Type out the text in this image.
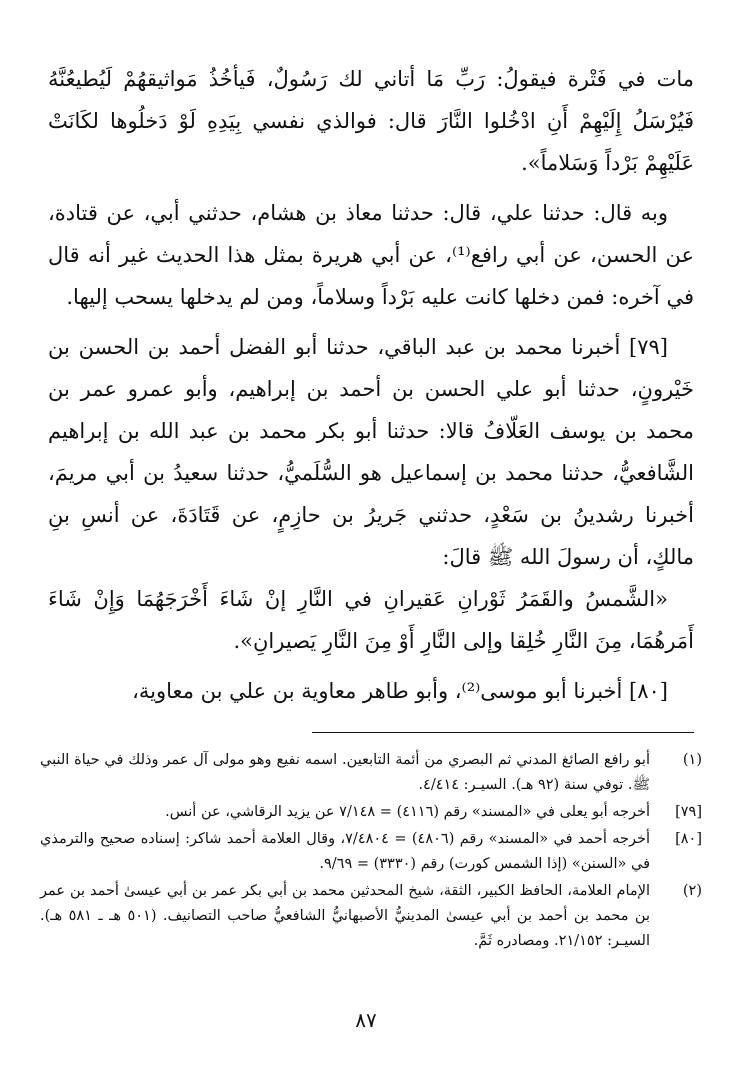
مات في فَتْرة فيقولُ: رَبِّ مَا أتاني لك رَسُولٌ، فَيأخُذُ مَواثيقهُمْ لَيُطيعُنَّهُ فَيُرْسَلُ إِلَيْهِمْ أَنِ ادْخُلوا النَّارَ قال: فوالذي نفسي بِيَدِهِ لَوْ دَخلُوها لكَانَتْ عَلَيْهِمْ بَرْداً وَسَلاماً».

وبه قال: حدثنا علي، قال: حدثنا معاذ بن هشام، حدثني أبي، عن قتادة، عن الحسن، عن أبي رافع⁽¹⁾، عن أبي هريرة بمثل هذا الحديث غير أنه قال في آخره: فمن دخلها كانت عليه بَرْداً وسلاماً، ومن لم يدخلها يسحب إليها.

[٧٩] أخبرنا محمد بن عبد الباقي، حدثنا أبو الفضل أحمد بن الحسن بن خَيْرونٍ، حدثنا أبو علي الحسن بن أحمد بن إبراهيم، وأبو عمرو عمر بن محمد بن يوسف العَلّافُ قالا: حدثنا أبو بكر محمد بن عبد الله بن إبراهيم الشَّافعيُّ، حدثنا محمد بن إسماعيل هو السُّلَميُّ، حدثنا سعيدُ بن أبي مريمَ، أخبرنا رشدينُ بن سَعْدٍ، حدثني جَريرُ بن حازِمٍ، عن قَتَادَةَ، عن أنسِ بنِ مالكٍ، أن رسولَ الله ﷺ قالَ:

«الشَّمسُ والقَمَرُ ثَوْرانِ عَقيرانِ في النَّارِ إنْ شَاءَ أَخْرَجَهُمَا وَإِنْ شَاءَ أَمَرهُمَا، مِنَ النَّارِ خُلِقا وإلى النَّارِ أَوْ مِنَ النَّارِ يَصيرانِ».

[٨٠] أخبرنا أبو موسى⁽²⁾، وأبو طاهر معاوية بن علي بن معاوية،

(١)
أبو رافع الصائغ المدني ثم البصري من أئمة التابعين. اسمه نفيع وهو مولى آل عمر وذلك في حياة النبي ﷺ. توفي سنة (٩٢ هـ). السيـر: ٤/٤١٤.
[٧٩]
أخرجه أبو يعلى في «المسند» رقم (٤١١٦) = ٧/١٤٨ عن يزيد الرقاشي، عن أنس.
[٨٠]
أخرجه أحمد في «المسند» رقم (٤٨٠٦) = ٧/٤٨٠٤، وقال العلامة أحمد شاكر: إسناده صحيح والترمذي في «السنن» (إذا الشمس كورت) رقم (٣٣٣٠) = ٩/٦٩.
(٢)
الإمام العلامة، الحافظ الكبير، الثقة، شيخ المحدثين محمد بن أبي بكر عمر بن أبي عيسىٰ أحمد بن عمر بن محمد بن أحمد بن أبي عيسىٰ المدينيُّ الأصبهانيُّ الشافعيُّ صاحب التصانيف. (٥٠١ هـ ـ ٥٨١ هـ). السيـر: ٢١/١٥٢. ومصادره ثَمَّ.
٨٧
